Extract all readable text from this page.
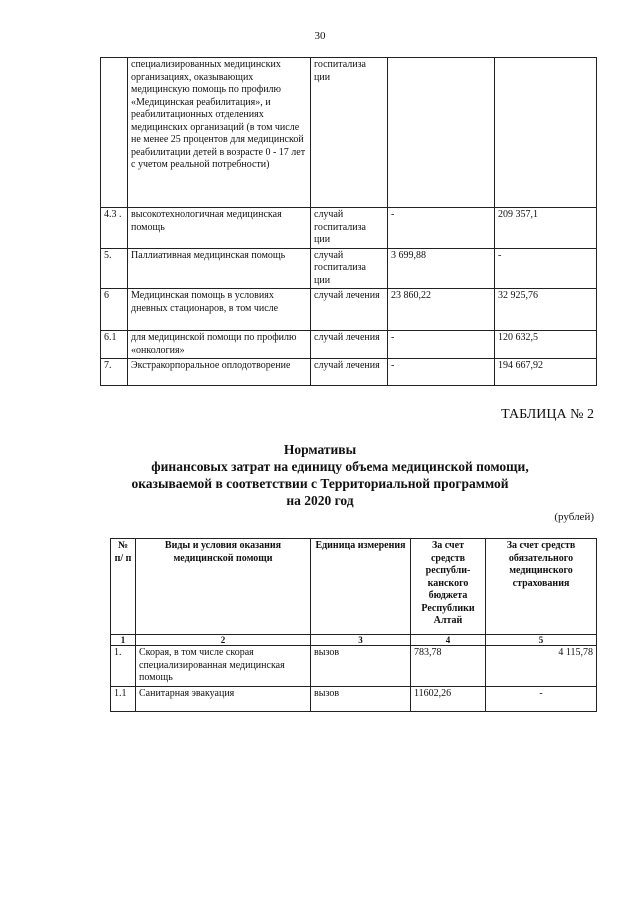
30
	специализированных медицинских организациях, оказывающих медицинскую помощь по профилю «Медицинская реабилитация», и реабилитационных отделениях медицинских организаций (в том числе не менее 25 процентов для медицинской реабилитации детей в возрасте 0 - 17 лет с учетом реальной потребности)	госпитализа ции		
4.3 .	высокотехнологичная медицинская помощь	случай госпитализа ции	-	209 357,1
5.	Паллиативная медицинская помощь	случай госпитализа ции	3 699,88	-
6	Медицинская помощь в условиях дневных стационаров, в том числе	случай лечения	23 860,22	32 925,76
6.1	для медицинской помощи по профилю «онкология»	случай лечения	-	120 632,5
7.	Экстракорпоральное оплодотворение	случай лечения	-	194 667,92
ТАБЛИЦА № 2
Нормативы
финансовых затрат на единицу объема медицинской помощи,
оказываемой в соответствии с Территориальной программой
на 2020 год
(рублей)
№ п/ п	Виды и условия оказания медицинской помощи	Единица измерения	За счет средств республи- канского бюджета Республики Алтай	За счет средств обязательного медицинского страхования
1	2	3	4	5
1.	Скорая, в том числе скорая специализированная медицинская помощь	вызов	783,78	4 115,78
1.1	Санитарная эвакуация	вызов	11602,26	-
